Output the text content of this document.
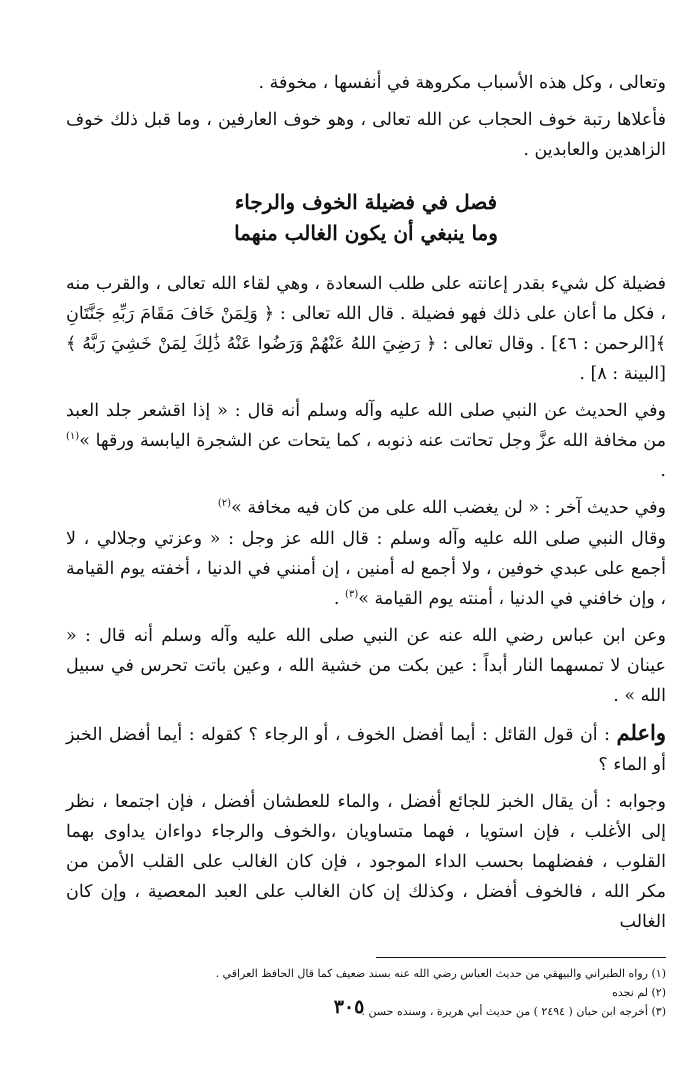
وتعالى ، وكل هذه الأسباب مكروهة في أنفسها ، مخوفة .

فأعلاها رتبة خوف الحجاب عن الله تعالى ، وهو خوف العارفين ، وما قبل ذلك خوف الزاهدين والعابدين .

فصل في فضيلة الخوف والرجاء
وما ينبغي أن يكون الغالب منهما

فضيلة كل شيء بقدر إعانته على طلب السعادة ، وهي لقاء الله تعالى ، والقرب منه ، فكل ما أعان على ذلك فهو فضيلة . قال الله تعالى : ﴿ وَلِمَنْ خَافَ مَقَامَ رَبِّهِ جَنَّتَانِ ﴾[الرحمن : ٤٦] . وقال تعالى : ﴿ رَضِيَ اللهُ عَنْهُمْ وَرَضُوا عَنْهُ ذَٰلِكَ لِمَنْ خَشِيَ رَبَّهُ ﴾[البينة : ٨] .

وفي الحديث عن النبي صلى الله عليه وآله وسلم أنه قال : « إذا اقشعر جلد العبد من مخافة الله عزَّ وجل تحاتت عنه ذنوبه ، كما يتحات عن الشجرة اليابسة ورقها »$^{(١)}$ .

وفي حديث آخر : « لن يغضب الله على من كان فيه مخافة »$^{(٢)}$

وقال النبي صلى الله عليه وآله وسلم : قال الله عز وجل : « وعزتي وجلالي ، لا أجمع على عبدي خوفين ، ولا أجمع له أمنين ، إن أمنني في الدنيا ، أخفته يوم القيامة ، وإن خافني في الدنيا ، أمنته يوم القيامة »$^{(٣)}$ .

وعن ابن عباس رضي الله عنه عن النبي صلى الله عليه وآله وسلم أنه قال : « عينان لا تمسهما النار أبداً : عين بكت من خشية الله ، وعين باتت تحرس في سبيل الله » .

واعلم : أن قول القائل : أيما أفضل الخوف ، أو الرجاء ؟ كقوله : أيما أفضل الخبز أو الماء ؟

وجوابه : أن يقال الخبز للجائع أفضل ، والماء للعطشان أفضل ، فإن اجتمعا ، نظر إلى الأغلب ، فإن استويا ، فهما متساويان ،والخوف والرجاء دواءان يداوى بهما القلوب ، ففضلهما بحسب الداء الموجود ، فإن كان الغالب على القلب الأمن من مكر الله ، فالخوف أفضل ، وكذلك إن كان الغالب على العبد المعصية ، وإن كان الغالب

(١) رواه الطبراني والبيهقي من حديث العباس رضي الله عنه بسند ضعيف كما قال الحافظ العراقي .

(٢) لم نجده

(٣) أخرجه ابن حبان ( ٢٤٩٤ ) من حديث أبي هريرة ، وسنده حسن .

٣٠٥
